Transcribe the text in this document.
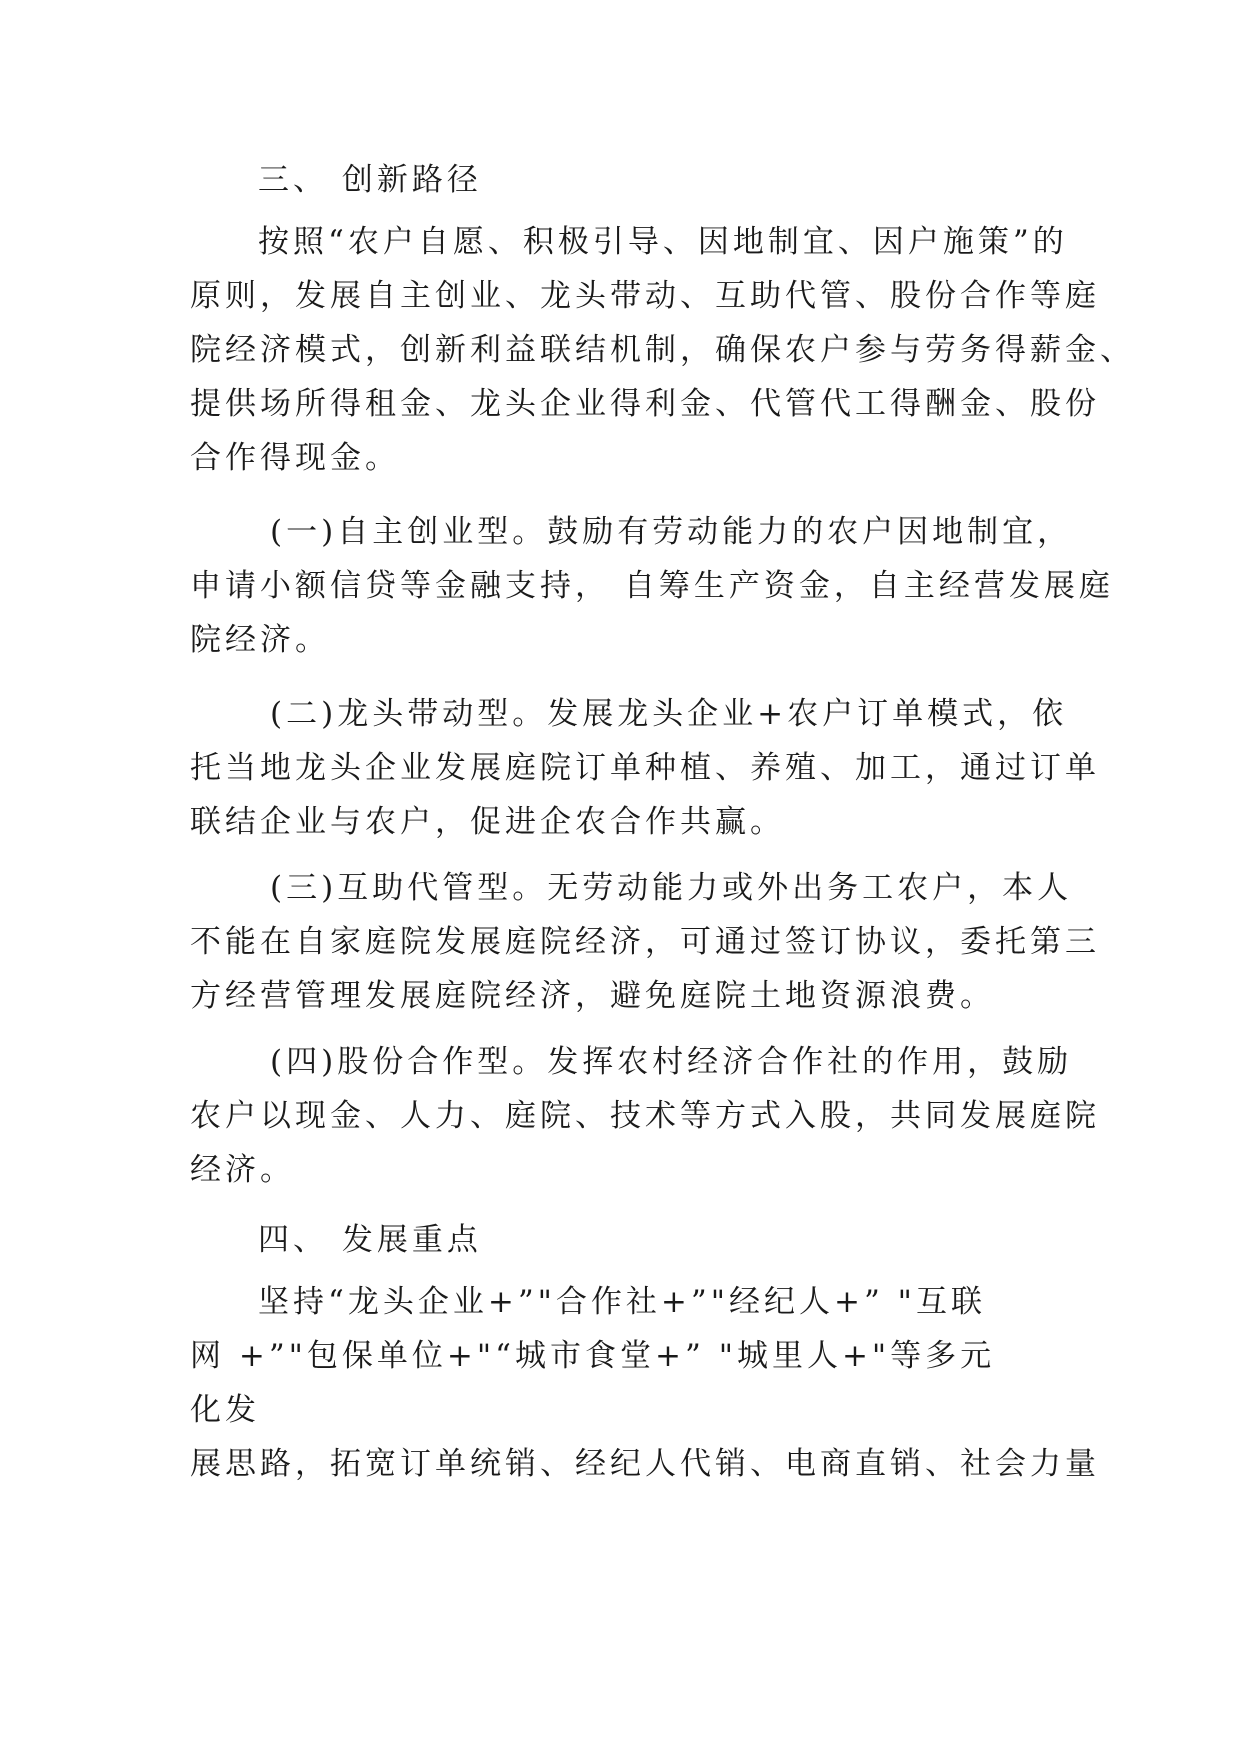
三、 创新路径
按照“农户自愿、积极引导、因地制宜、因户施策”的
原则，发展自主创业、龙头带动、互助代管、股份合作等庭
院经济模式，创新利益联结机制，确保农户参与劳务得薪金、
提供场所得租金、龙头企业得利金、代管代工得酬金、股份
合作得现金。
(一)自主创业型。鼓励有劳动能力的农户因地制宜，
申请小额信贷等金融支持， 自筹生产资金，自主经营发展庭
院经济。
(二)龙头带动型。发展龙头企业+农户订单模式，依
托当地龙头企业发展庭院订单种植、养殖、加工，通过订单
联结企业与农户，促进企农合作共赢。
(三)互助代管型。无劳动能力或外出务工农户，本人
不能在自家庭院发展庭院经济，可通过签订协议，委托第三
方经营管理发展庭院经济，避免庭院土地资源浪费。
(四)股份合作型。发挥农村经济合作社的作用，鼓励
农户以现金、人力、庭院、技术等方式入股，共同发展庭院
经济。
四、 发展重点
坚持“龙头企业+”"合作社+”"经纪人+” "互联
网 +”"包保单位+"“城市食堂+” "城里人+"等多元
化发
展思路，拓宽订单统销、经纪人代销、电商直销、社会力量
